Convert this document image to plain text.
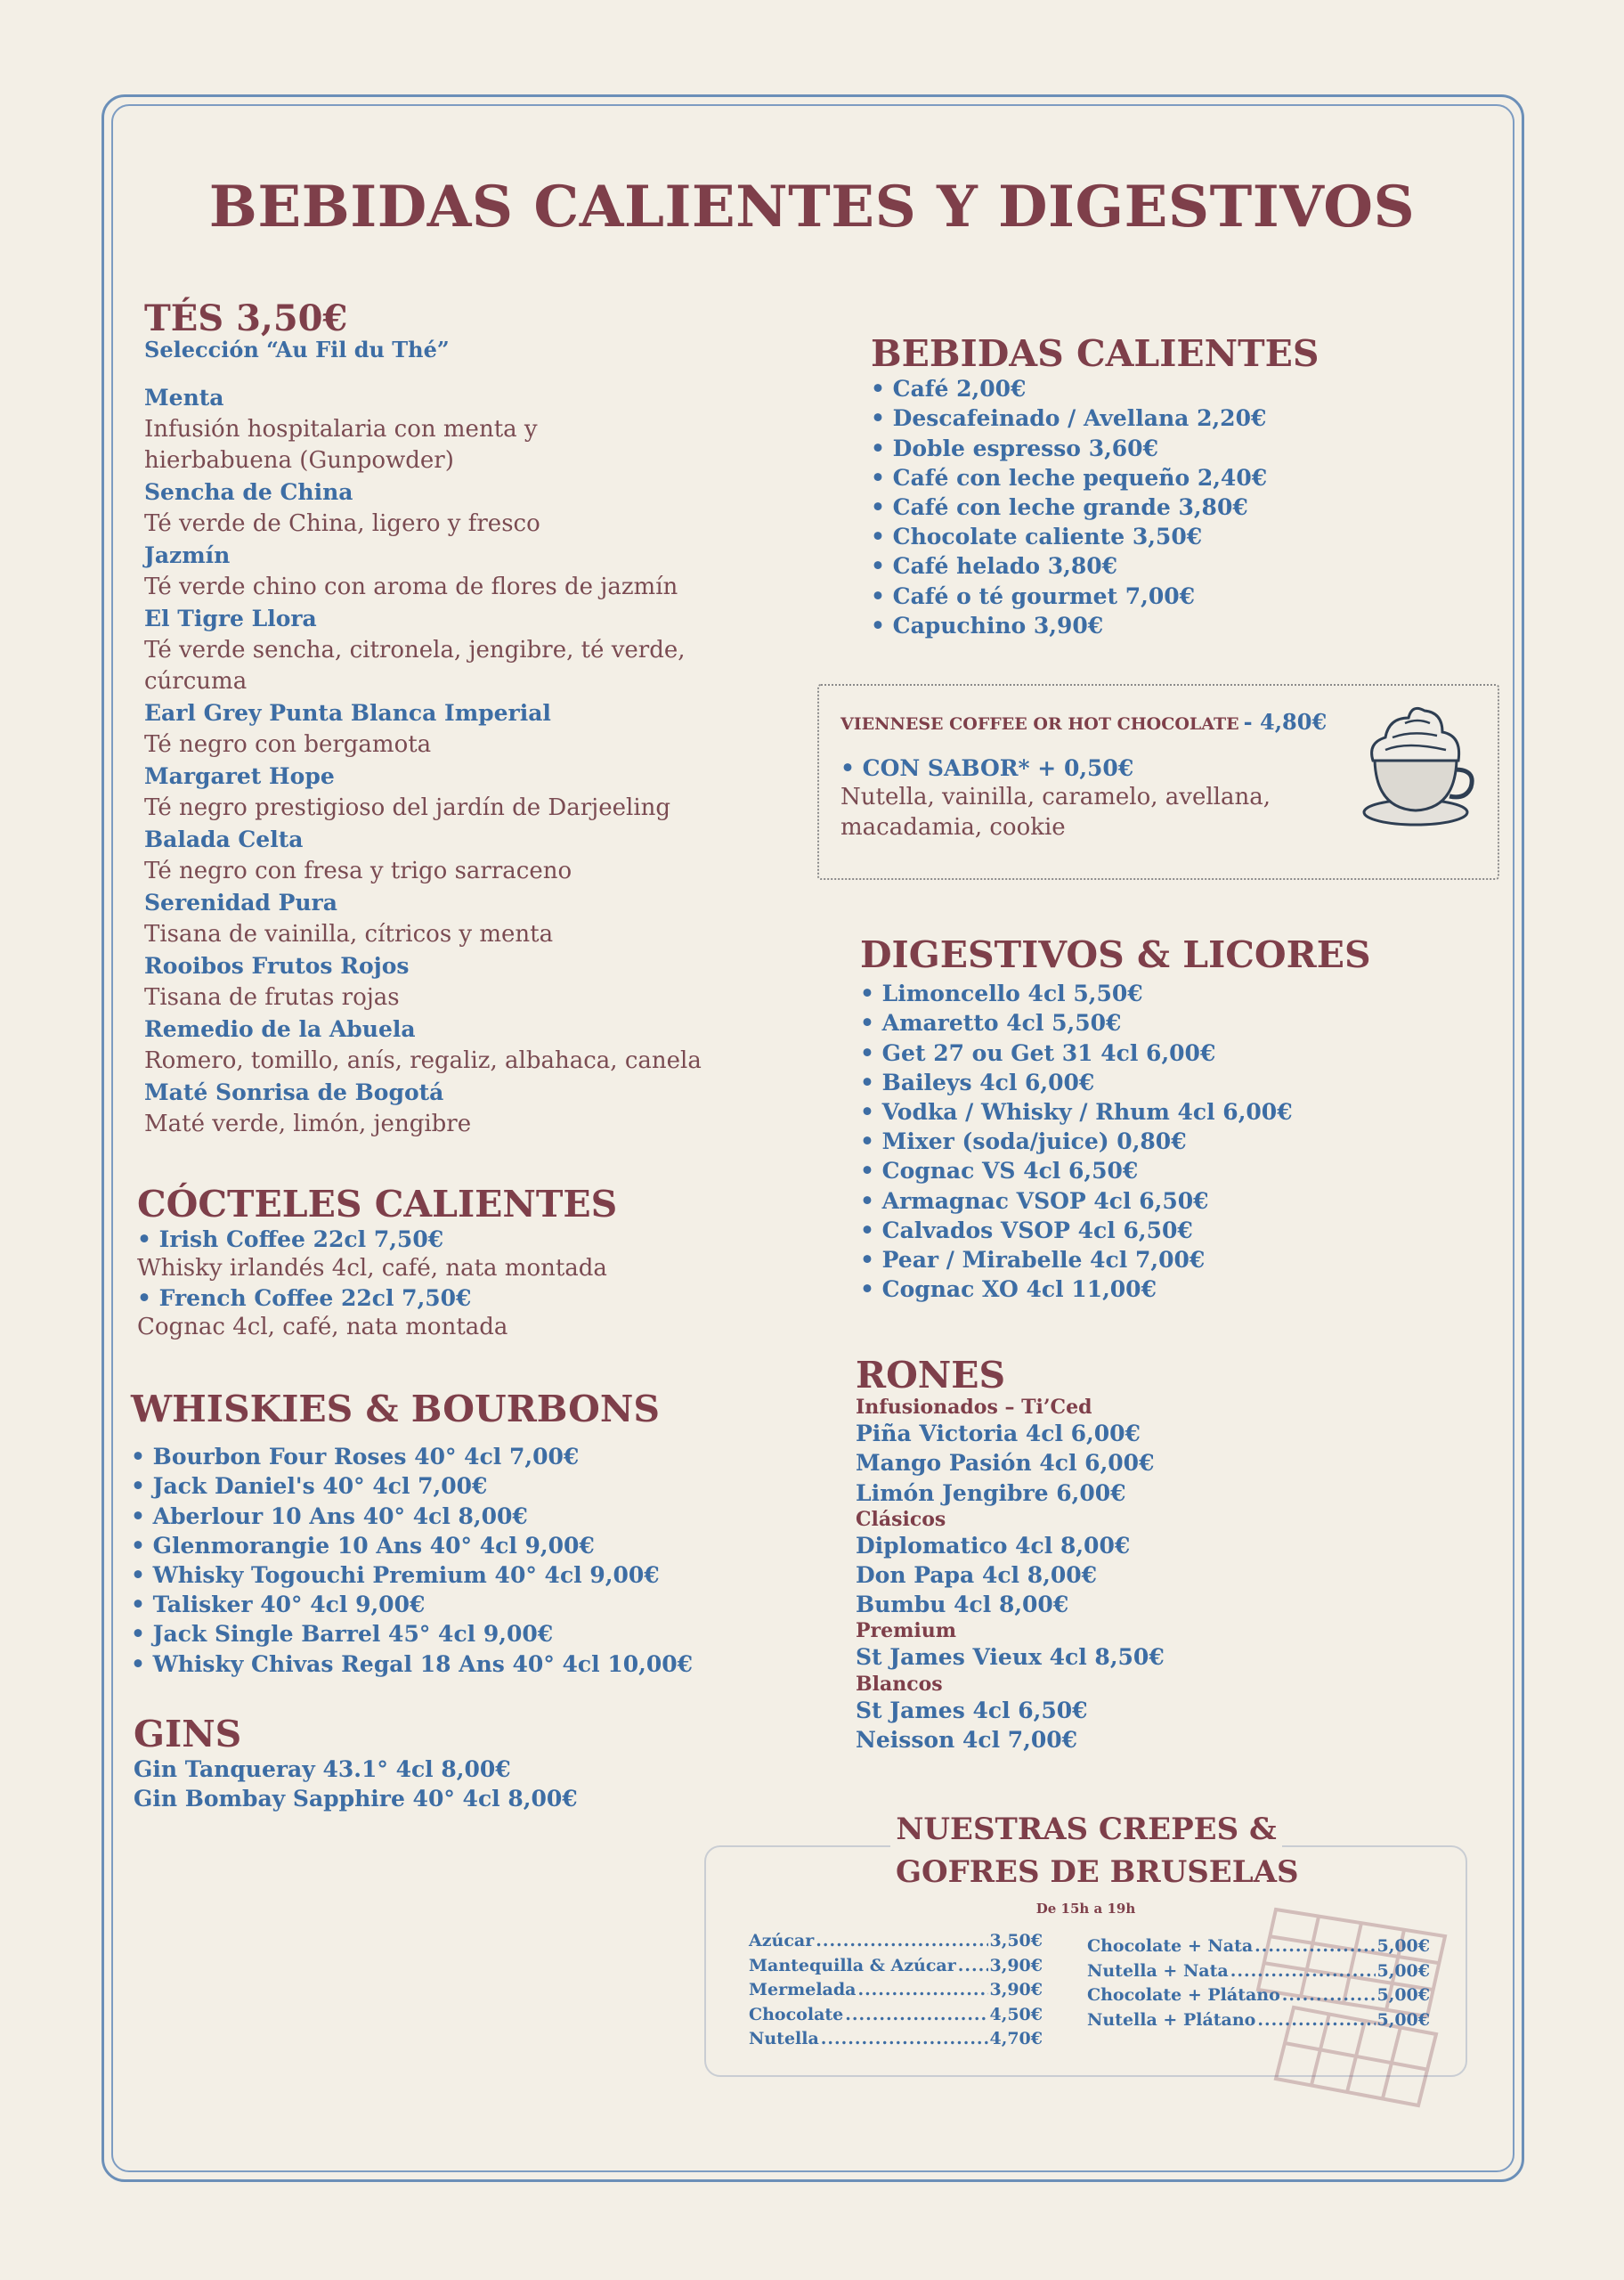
BEBIDAS CALIENTES Y DIGESTIVOS
TÉS 3,50€
Selección “Au Fil du Thé”
Menta
Infusión hospitalaria con menta y hierbabuena (Gunpowder)
Sencha de China
Té verde de China, ligero y fresco
Jazmín
Té verde chino con aroma de flores de jazmín
El Tigre Llora
Té verde sencha, citronela, jengibre, té verde, cúrcuma
Earl Grey Punta Blanca Imperial
Té negro con bergamota
Margaret Hope
Té negro prestigioso del jardín de Darjeeling
Balada Celta
Té negro con fresa y trigo sarraceno
Serenidad Pura
Tisana de vainilla, cítricos y menta
Rooibos Frutos Rojos
Tisana de frutas rojas
Remedio de la Abuela
Romero, tomillo, anís, regaliz, albahaca, canela
Maté Sonrisa de Bogotá
Maté verde, limón, jengibre
CÓCTELES CALIENTES
• Irish Coffee 22cl 7,50€
Whisky irlandés 4cl, café, nata montada
• French Coffee 22cl 7,50€
Cognac 4cl, café, nata montada
WHISKIES & BOURBONS
• Bourbon Four Roses 40° 4cl 7,00€
• Jack Daniel's 40° 4cl 7,00€
• Aberlour 10 Ans 40° 4cl 8,00€
• Glenmorangie 10 Ans 40° 4cl 9,00€
• Whisky Togouchi Premium 40° 4cl 9,00€
• Talisker 40° 4cl 9,00€
• Jack Single Barrel 45° 4cl 9,00€
• Whisky Chivas Regal 18 Ans 40° 4cl 10,00€
GINS
Gin Tanqueray 43.1° 4cl 8,00€
Gin Bombay Sapphire 40° 4cl 8,00€
BEBIDAS CALIENTES
• Café 2,00€
• Descafeinado / Avellana 2,20€
• Doble espresso 3,60€
• Café con leche pequeño 2,40€
• Café con leche grande 3,80€
• Chocolate caliente 3,50€
• Café helado 3,80€
• Café o té gourmet 7,00€
• Capuchino 3,90€
VIENNESE COFFEE OR HOT CHOCOLATE - 4,80€
• CON SABOR* + 0,50€
Nutella, vainilla, caramelo, avellana, macadamia, cookie
DIGESTIVOS & LICORES
• Limoncello 4cl 5,50€
• Amaretto 4cl 5,50€
• Get 27 ou Get 31 4cl 6,00€
• Baileys 4cl 6,00€
• Vodka / Whisky / Rhum 4cl 6,00€
• Mixer (soda/juice) 0,80€
• Cognac VS 4cl 6,50€
• Armagnac VSOP 4cl 6,50€
• Calvados VSOP 4cl 6,50€
• Pear / Mirabelle 4cl 7,00€
• Cognac XO 4cl 11,00€
RONES
Infusionados – Ti’Ced
Piña Victoria 4cl 6,00€
Mango Pasión 4cl 6,00€
Limón Jengibre 6,00€
Clásicos
Diplomatico 4cl 8,00€
Don Papa 4cl 8,00€
Bumbu 4cl 8,00€
Premium
St James Vieux 4cl 8,50€
Blancos
St James 4cl 6,50€
Neisson 4cl 7,00€
De 15h a 19h
Azúcar .....	3,50€
Mantequilla & Azúcar ..... 3,90€
Mermelada .....	3,90€
Chocolate .....	4,50€
Nutella .....	4,70€
Chocolate + Nata .....	5,00€
Nutella + Nata .....	5,00€
Chocolate + Plátano .....	5,00€
Nutella + Plátano .....	5,00€
NUESTRAS CREPES &
GOFRES DE BRUSELAS
